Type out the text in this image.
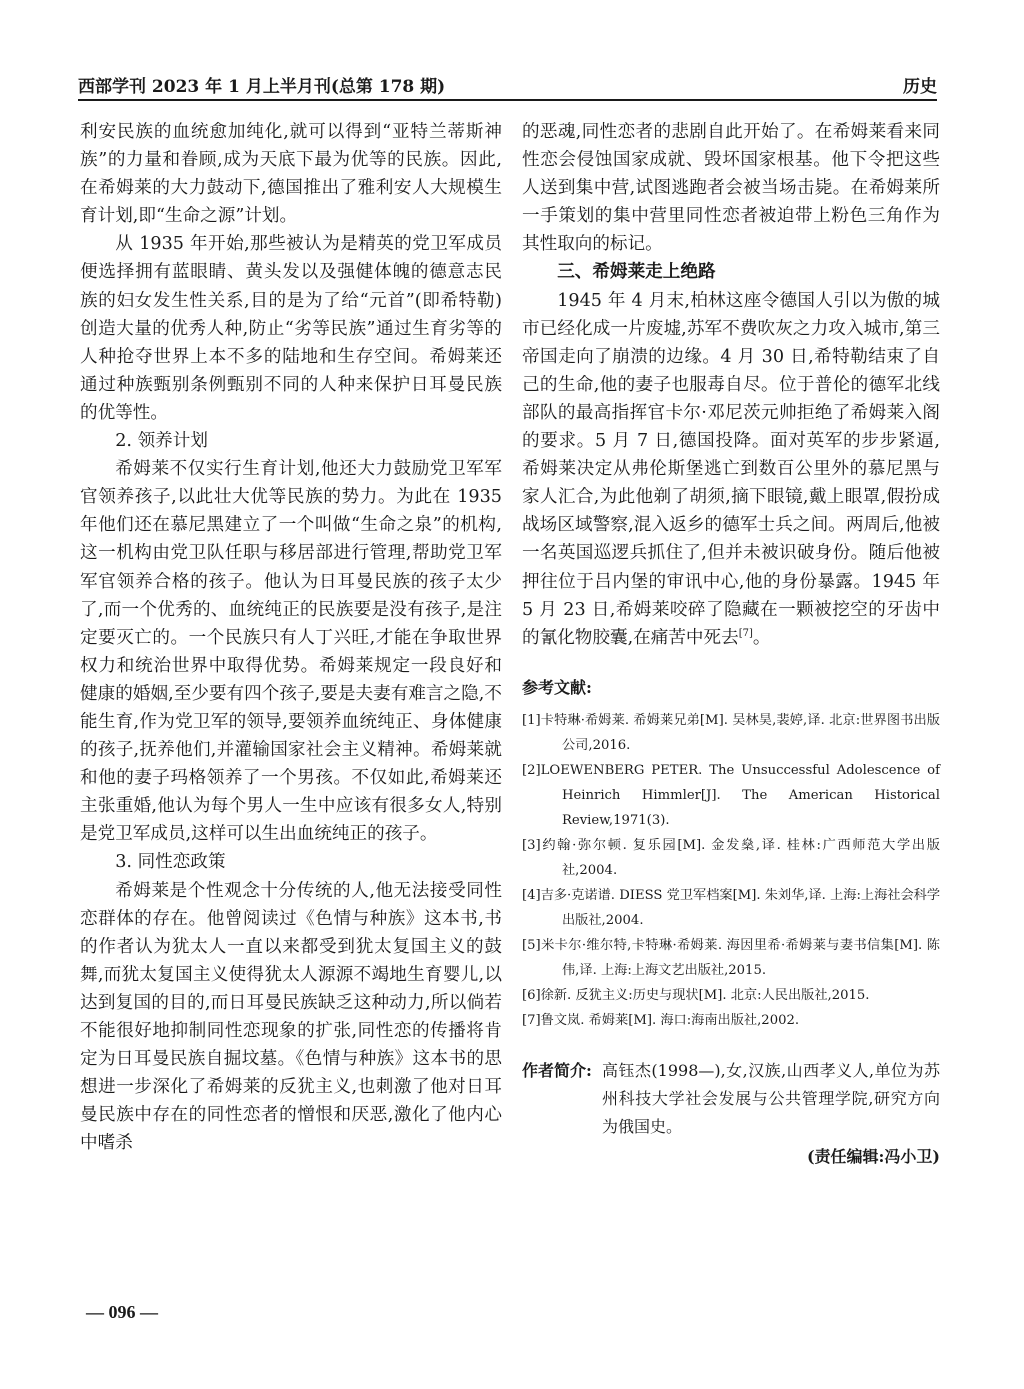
西部学刊 2023 年 1 月上半月刊(总第 178 期)	历史

利安民族的血统愈加纯化,就可以得到“亚特兰蒂斯神族”的力量和眷顾,成为天底下最为优等的民族。因此,在希姆莱的大力鼓动下,德国推出了雅利安人大规模生育计划,即“生命之源”计划。

从 1935 年开始,那些被认为是精英的党卫军成员便选择拥有蓝眼睛、黄头发以及强健体魄的德意志民族的妇女发生性关系,目的是为了给“元首”(即希特勒)创造大量的优秀人种,防止“劣等民族”通过生育劣等的人种抢夺世界上本不多的陆地和生存空间。希姆莱还通过种族甄别条例甄别不同的人种来保护日耳曼民族的优等性。

2. 领养计划

希姆莱不仅实行生育计划,他还大力鼓励党卫军军官领养孩子,以此壮大优等民族的势力。为此在 1935 年他们还在慕尼黑建立了一个叫做“生命之泉”的机构,这一机构由党卫队任职与移居部进行管理,帮助党卫军军官领养合格的孩子。他认为日耳曼民族的孩子太少了,而一个优秀的、血统纯正的民族要是没有孩子,是注定要灭亡的。一个民族只有人丁兴旺,才能在争取世界权力和统治世界中取得优势。希姆莱规定一段良好和健康的婚姻,至少要有四个孩子,要是夫妻有难言之隐,不能生育,作为党卫军的领导,要领养血统纯正、身体健康的孩子,抚养他们,并灌输国家社会主义精神。希姆莱就和他的妻子玛格领养了一个男孩。不仅如此,希姆莱还主张重婚,他认为每个男人一生中应该有很多女人,特别是党卫军成员,这样可以生出血统纯正的孩子。

3. 同性恋政策

希姆莱是个性观念十分传统的人,他无法接受同性恋群体的存在。他曾阅读过《色情与种族》这本书,书的作者认为犹太人一直以来都受到犹太复国主义的鼓舞,而犹太复国主义使得犹太人源源不竭地生育婴儿,以达到复国的目的,而日耳曼民族缺乏这种动力,所以倘若不能很好地抑制同性恋现象的扩张,同性恋的传播将肯定为日耳曼民族自掘坟墓。《色情与种族》这本书的思想进一步深化了希姆莱的反犹主义,也刺激了他对日耳曼民族中存在的同性恋者的憎恨和厌恶,激化了他内心中嗜杀

的恶魂,同性恋者的悲剧自此开始了。在希姆莱看来同性恋会侵蚀国家成就、毁坏国家根基。他下令把这些人送到集中营,试图逃跑者会被当场击毙。在希姆莱所一手策划的集中营里同性恋者被迫带上粉色三角作为其性取向的标记。

三、希姆莱走上绝路

1945 年 4 月末,柏林这座令德国人引以为傲的城市已经化成一片废墟,苏军不费吹灰之力攻入城市,第三帝国走向了崩溃的边缘。4 月 30 日,希特勒结束了自己的生命,他的妻子也服毒自尽。位于普伦的德军北线部队的最高指挥官卡尔·邓尼茨元帅拒绝了希姆莱入阁的要求。5 月 7 日,德国投降。面对英军的步步紧逼,希姆莱决定从弗伦斯堡逃亡到数百公里外的慕尼黑与家人汇合,为此他剃了胡须,摘下眼镜,戴上眼罩,假扮成战场区域警察,混入返乡的德军士兵之间。两周后,他被一名英国巡逻兵抓住了,但并未被识破身份。随后他被押往位于吕内堡的审讯中心,他的身份暴露。1945 年 5 月 23 日,希姆莱咬碎了隐藏在一颗被挖空的牙齿中的氰化物胶囊,在痛苦中死去[7]。

参考文献:
[1]卡特琳·希姆莱. 希姆莱兄弟[M]. 吴林昊,裴婷,译. 北京:世界图书出版公司,2016.
[2]LOEWENBERG PETER. The Unsuccessful Adolescence of Heinrich Himmler[J]. The American Historical Review,1971(3).
[3]约翰·弥尔顿. 复乐园[M]. 金发燊,译. 桂林:广西师范大学出版社,2004.
[4]吉多·克诺谱. DIESS 党卫军档案[M]. 朱刘华,译. 上海:上海社会科学出版社,2004.
[5]米卡尔·维尔特,卡特琳·希姆莱. 海因里希·希姆莱与妻书信集[M]. 陈伟,译. 上海:上海文艺出版社,2015.
[6]徐新. 反犹主义:历史与现状[M]. 北京:人民出版社,2015.
[7]鲁文岚. 希姆莱[M]. 海口:海南出版社,2002.
作者简介: 高钰杰(1998—),女,汉族,山西孝义人,单位为苏州科技大学社会发展与公共管理学院,研究方向为俄国史。
(责任编辑:冯小卫)
— 096 —
